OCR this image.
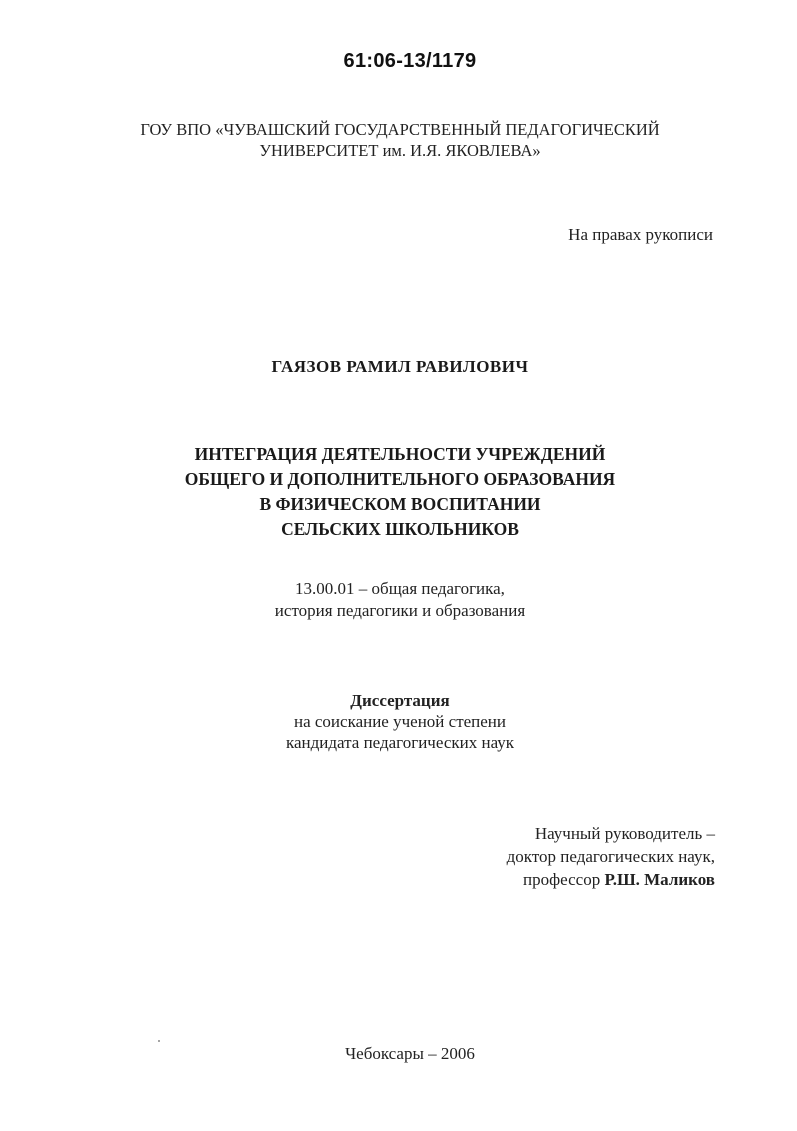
61:06-13/1179
ГОУ ВПО «ЧУВАШСКИЙ ГОСУДАРСТВЕННЫЙ ПЕДАГОГИЧЕСКИЙ
УНИВЕРСИТЕТ им. И.Я. ЯКОВЛЕВА»
На правах рукописи
ГАЯЗОВ РАМИЛ РАВИЛОВИЧ
ИНТЕГРАЦИЯ ДЕЯТЕЛЬНОСТИ УЧРЕЖДЕНИЙ
ОБЩЕГО И ДОПОЛНИТЕЛЬНОГО ОБРАЗОВАНИЯ
В ФИЗИЧЕСКОМ ВОСПИТАНИИ
СЕЛЬСКИХ ШКОЛЬНИКОВ
13.00.01 – общая педагогика,
история педагогики и образования
Диссертация
на соискание ученой степени
кандидата педагогических наук
Научный руководитель –
доктор педагогических наук,
профессор Р.Ш. Маликов
Чебоксары – 2006
